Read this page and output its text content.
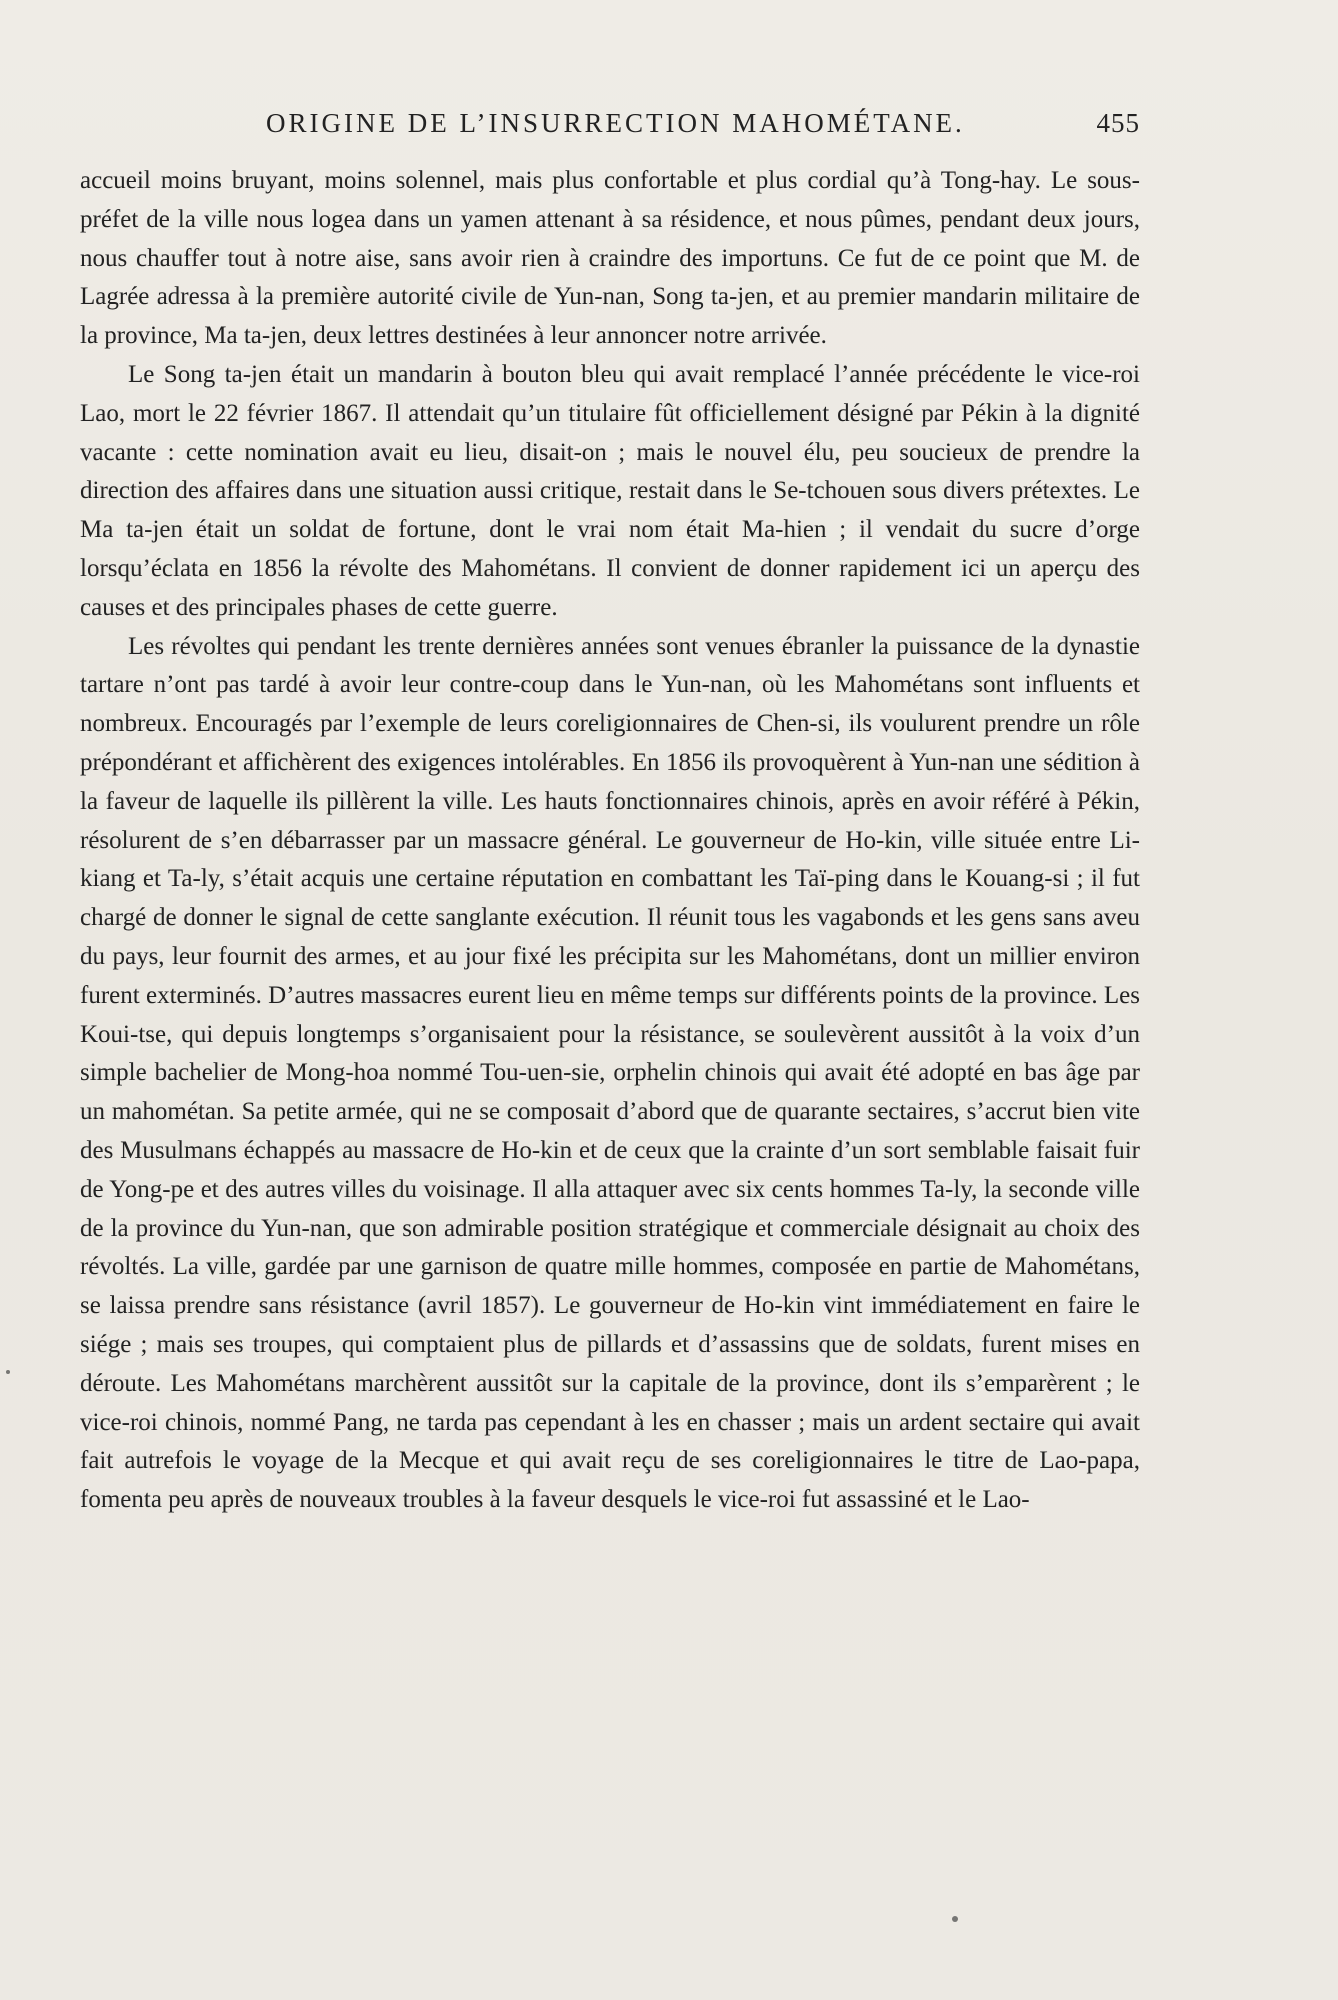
ORIGINE DE L’INSURRECTION MAHOMÉTANE.	455

accueil moins bruyant, moins solennel, mais plus confortable et plus cordial qu’à Tong-hay. Le sous-préfet de la ville nous logea dans un yamen attenant à sa résidence, et nous pûmes, pendant deux jours, nous chauffer tout à notre aise, sans avoir rien à craindre des importuns. Ce fut de ce point que M. de Lagrée adressa à la première autorité civile de Yun-nan, Song ta-jen, et au premier mandarin militaire de la province, Ma ta-jen, deux lettres destinées à leur annoncer notre arrivée.

Le Song ta-jen était un mandarin à bouton bleu qui avait remplacé l’année précédente le vice-roi Lao, mort le 22 février 1867. Il attendait qu’un titulaire fût officiellement désigné par Pékin à la dignité vacante : cette nomination avait eu lieu, disait-on ; mais le nouvel élu, peu soucieux de prendre la direction des affaires dans une situation aussi critique, restait dans le Se-tchouen sous divers prétextes. Le Ma ta-jen était un soldat de fortune, dont le vrai nom était Ma-hien ; il vendait du sucre d’orge lorsqu’éclata en 1856 la révolte des Mahométans. Il convient de donner rapidement ici un aperçu des causes et des principales phases de cette guerre.

Les révoltes qui pendant les trente dernières années sont venues ébranler la puissance de la dynastie tartare n’ont pas tardé à avoir leur contre-coup dans le Yun-nan, où les Mahométans sont influents et nombreux. Encouragés par l’exemple de leurs coreligionnaires de Chen-si, ils voulurent prendre un rôle prépondérant et affichèrent des exigences intolérables. En 1856 ils provoquèrent à Yun-nan une sédition à la faveur de laquelle ils pillèrent la ville. Les hauts fonctionnaires chinois, après en avoir référé à Pékin, résolurent de s’en débarrasser par un massacre général. Le gouverneur de Ho-kin, ville située entre Li-kiang et Ta-ly, s’était acquis une certaine réputation en combattant les Taï-ping dans le Kouang-si ; il fut chargé de donner le signal de cette sanglante exécution. Il réunit tous les vagabonds et les gens sans aveu du pays, leur fournit des armes, et au jour fixé les précipita sur les Mahométans, dont un millier environ furent exterminés. D’autres massacres eurent lieu en même temps sur différents points de la province. Les Koui-tse, qui depuis longtemps s’organisaient pour la résistance, se soulevèrent aussitôt à la voix d’un simple bachelier de Mong-hoa nommé Tou-uen-sie, orphelin chinois qui avait été adopté en bas âge par un mahométan. Sa petite armée, qui ne se composait d’abord que de quarante sectaires, s’accrut bien vite des Musulmans échappés au massacre de Ho-kin et de ceux que la crainte d’un sort semblable faisait fuir de Yong-pe et des autres villes du voisinage. Il alla attaquer avec six cents hommes Ta-ly, la seconde ville de la province du Yun-nan, que son admirable position stratégique et commerciale désignait au choix des révoltés. La ville, gardée par une garnison de quatre mille hommes, composée en partie de Mahométans, se laissa prendre sans résistance (avril 1857). Le gouverneur de Ho-kin vint immédiatement en faire le siége ; mais ses troupes, qui comptaient plus de pillards et d’assassins que de soldats, furent mises en déroute. Les Mahométans marchèrent aussitôt sur la capitale de la province, dont ils s’emparèrent ; le vice-roi chinois, nommé Pang, ne tarda pas cependant à les en chasser ; mais un ardent sectaire qui avait fait autrefois le voyage de la Mecque et qui avait reçu de ses coreligionnaires le titre de Lao-papa, fomenta peu après de nouveaux troubles à la faveur desquels le vice-roi fut assassiné et le Lao-
